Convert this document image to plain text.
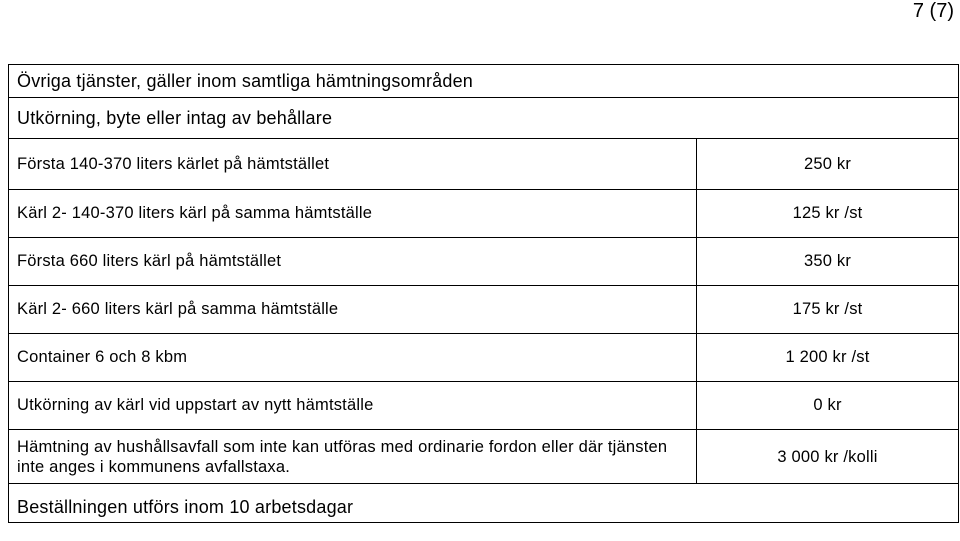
7 (7)
Övriga tjänster, gäller inom samtliga hämtningsområden	
Utkörning, byte eller intag av behållare	
Första 140-370 liters kärlet på hämtstället	250 kr
Kärl 2- 140-370 liters kärl på samma hämtställe	125 kr /st
Första 660 liters kärl på hämtstället	350 kr
Kärl 2- 660 liters kärl på samma hämtställe	175 kr /st
Container 6 och 8 kbm	1 200 kr /st
Utkörning av kärl vid uppstart av nytt hämtställe	0 kr
Hämtning av hushållsavfall som inte kan utföras med ordinarie fordon eller där tjänsten inte anges i kommunens avfallstaxa.	3 000 kr /kolli
Beställningen utförs inom 10 arbetsdagar	
